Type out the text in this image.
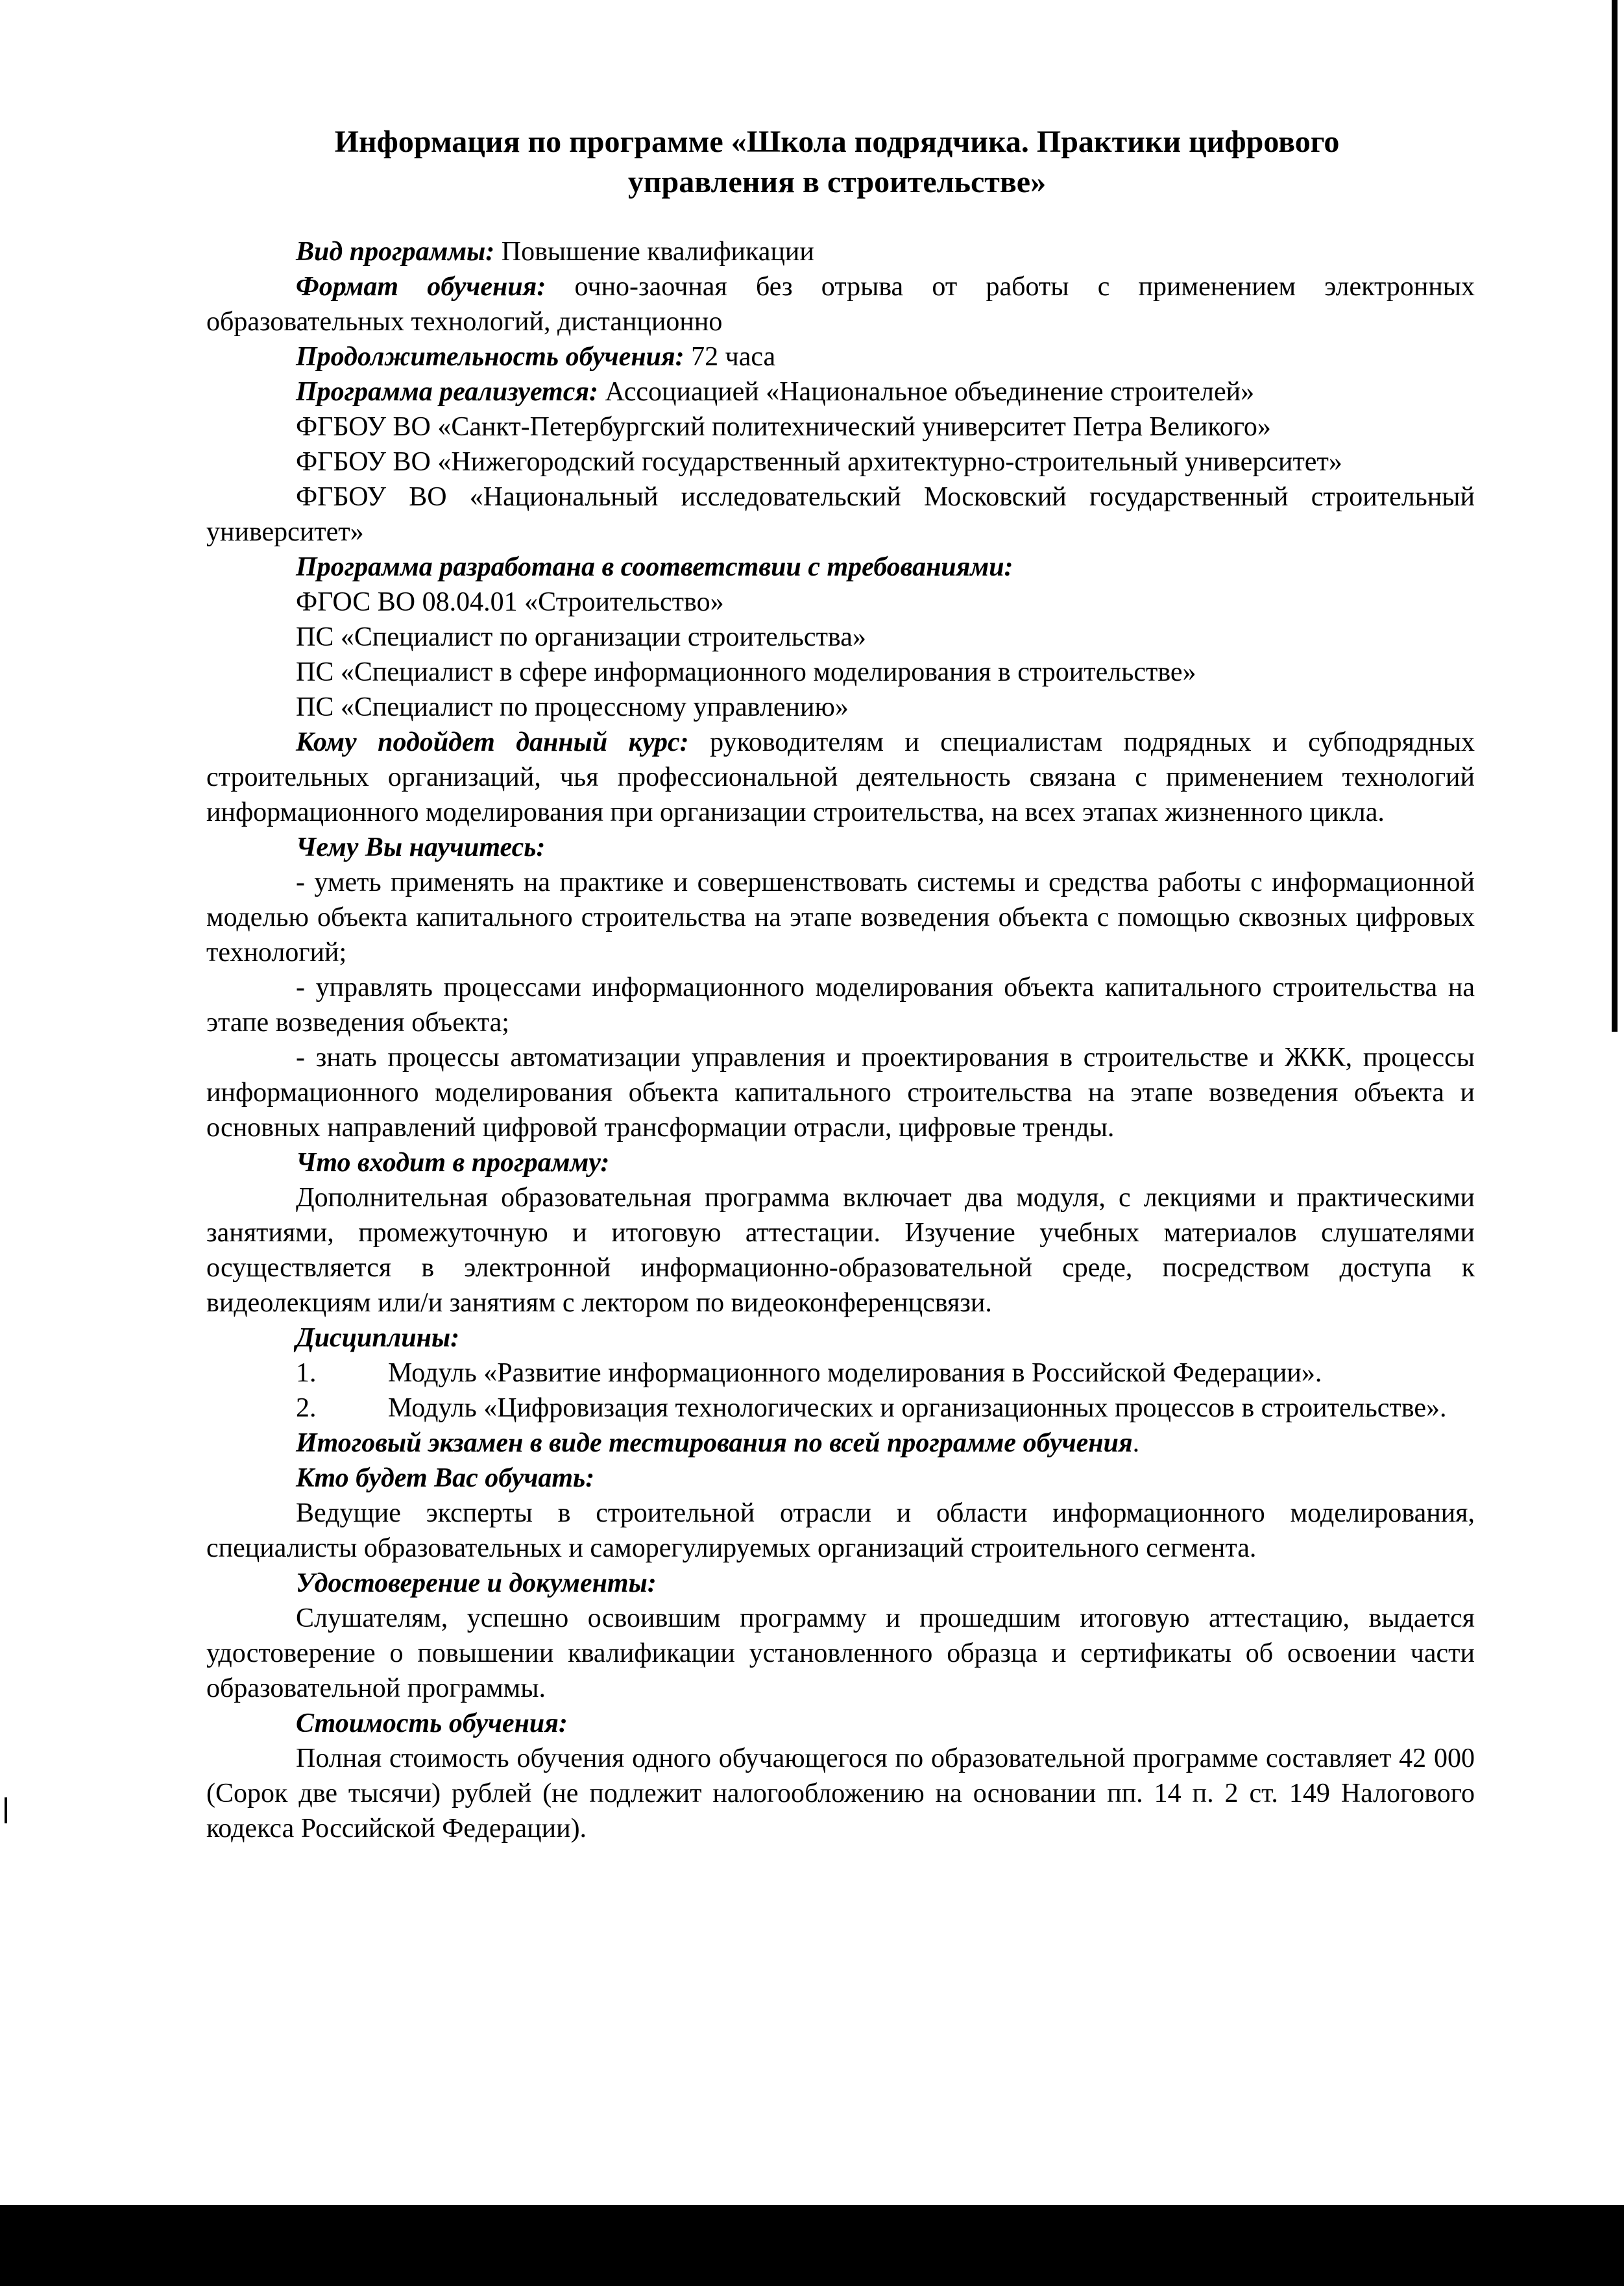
Информация по программе «Школа подрядчика. Практики цифрового
управления в строительстве»

Вид программы: Повышение квалификации

Формат обучения: очно-заочная без отрыва от работы с применением электронных образовательных технологий, дистанционно

Продолжительность обучения: 72 часа

Программа реализуется: Ассоциацией «Национальное объединение строителей»

ФГБОУ ВО «Санкт-Петербургский политехнический университет Петра Великого»

ФГБОУ ВО «Нижегородский государственный архитектурно-строительный университет»

ФГБОУ ВО «Национальный исследовательский Московский государственный строительный университет»

Программа разработана в соответствии с требованиями:

ФГОС ВО 08.04.01 «Строительство»

ПС «Специалист по организации строительства»

ПС «Специалист в сфере информационного моделирования в строительстве»

ПС «Специалист по процессному управлению»

Кому подойдет данный курс: руководителям и специалистам подрядных и субподрядных строительных организаций, чья профессиональной деятельность связана с применением технологий информационного моделирования при организации строительства, на всех этапах жизненного цикла.

Чему Вы научитесь:

- уметь применять на практике и совершенствовать системы и средства работы с информационной моделью объекта капитального строительства на этапе возведения объекта с помощью сквозных цифровых технологий;

- управлять процессами информационного моделирования объекта капитального строительства на этапе возведения объекта;

- знать процессы автоматизации управления и проектирования в строительстве и ЖКК, процессы информационного моделирования объекта капитального строительства на этапе возведения объекта и основных направлений цифровой трансформации отрасли, цифровые тренды.

Что входит в программу:

Дополнительная образовательная программа включает два модуля, с лекциями и практическими занятиями, промежуточную и итоговую аттестации. Изучение учебных материалов слушателями осуществляется в электронной информационно-образовательной среде, посредством доступа к видеолекциям или/и занятиям с лектором по видеоконференцсвязи.

Дисциплины:

1.	Модуль «Развитие информационного моделирования в Российской Федерации».

2.	Модуль «Цифровизация технологических и организационных процессов в строительстве».

Итоговый экзамен в виде тестирования по всей программе обучения.

Кто будет Вас обучать:

Ведущие эксперты в строительной отрасли и области информационного моделирования, специалисты образовательных и саморегулируемых организаций строительного сегмента.

Удостоверение и документы:

Слушателям, успешно освоившим программу и прошедшим итоговую аттестацию, выдается удостоверение о повышении квалификации установленного образца и сертификаты об освоении части образовательной программы.

Стоимость обучения:

Полная стоимость обучения одного обучающегося по образовательной программе составляет 42 000 (Сорок две тысячи) рублей (не подлежит налогообложению на основании пп. 14 п. 2 ст. 149 Налогового кодекса Российской Федерации).
